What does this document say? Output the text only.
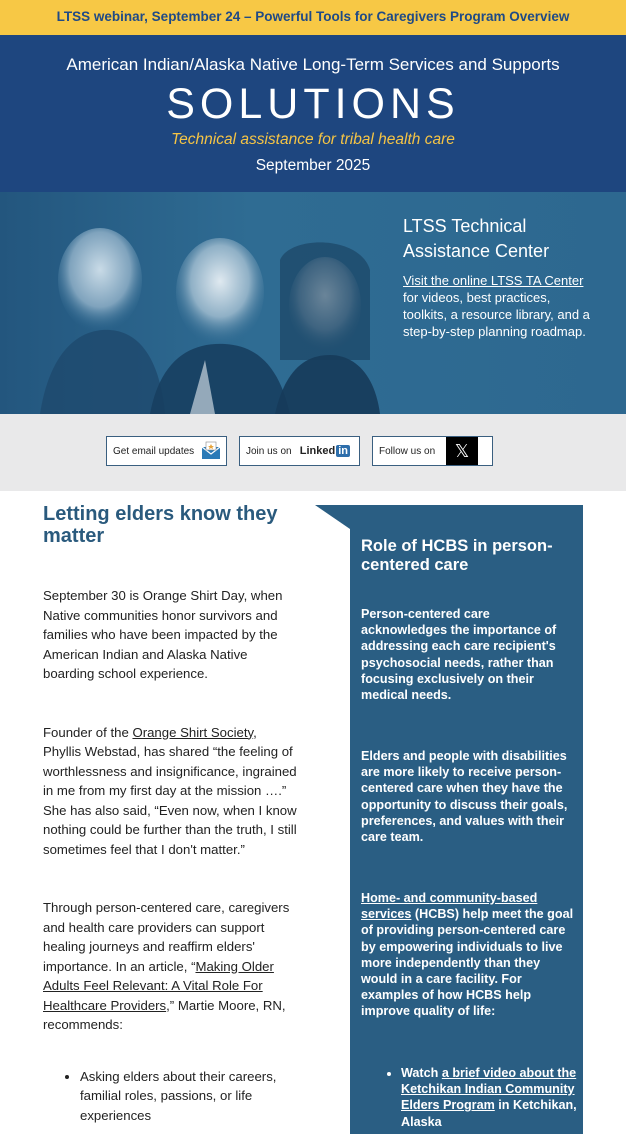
LTSS webinar, September 24 – Powerful Tools for Caregivers Program Overview
American Indian/Alaska Native Long-Term Services and Supports
SOLUTIONS
Technical assistance for tribal health care
September 2025
LTSS Technical Assistance Center
Visit the online LTSS TA Center for videos, best practices, toolkits, a resource library, and a step-by-step planning roadmap.
Get email updates	Join us on Linked in	Follow us on	𝕏
Letting elders know they matter

September 30 is Orange Shirt Day, when Native communities honor survivors and families who have been impacted by the American Indian and Alaska Native boarding school experience.

Founder of the Orange Shirt Society, Phyllis Webstad, has shared “the feeling of worthlessness and insignificance, ingrained in me from my first day at the mission ….” She has also said, “Even now, when I know nothing could be further than the truth, I still sometimes feel that I don't matter.”

Through person-centered care, caregivers and health care providers can support healing journeys and reaffirm elders' importance. In an article, “Making Older Adults Feel Relevant: A Vital Role For Healthcare Providers,” Martie Moore, RN, recommends:

• Asking elders about their careers, familial roles, passions, or life experiences
Role of HCBS in person-centered care

Person-centered care acknowledges the importance of addressing each care recipient's psychosocial needs, rather than focusing exclusively on their medical needs.

Elders and people with disabilities are more likely to receive person-centered care when they have the opportunity to discuss their goals, preferences, and values with their care team.

Home- and community-based services (HCBS) help meet the goal of providing person-centered care by empowering individuals to live more independently than they would in a care facility. For examples of how HCBS help improve quality of life:

• Watch a brief video about the Ketchikan Indian Community Elders Program in Ketchikan, Alaska
